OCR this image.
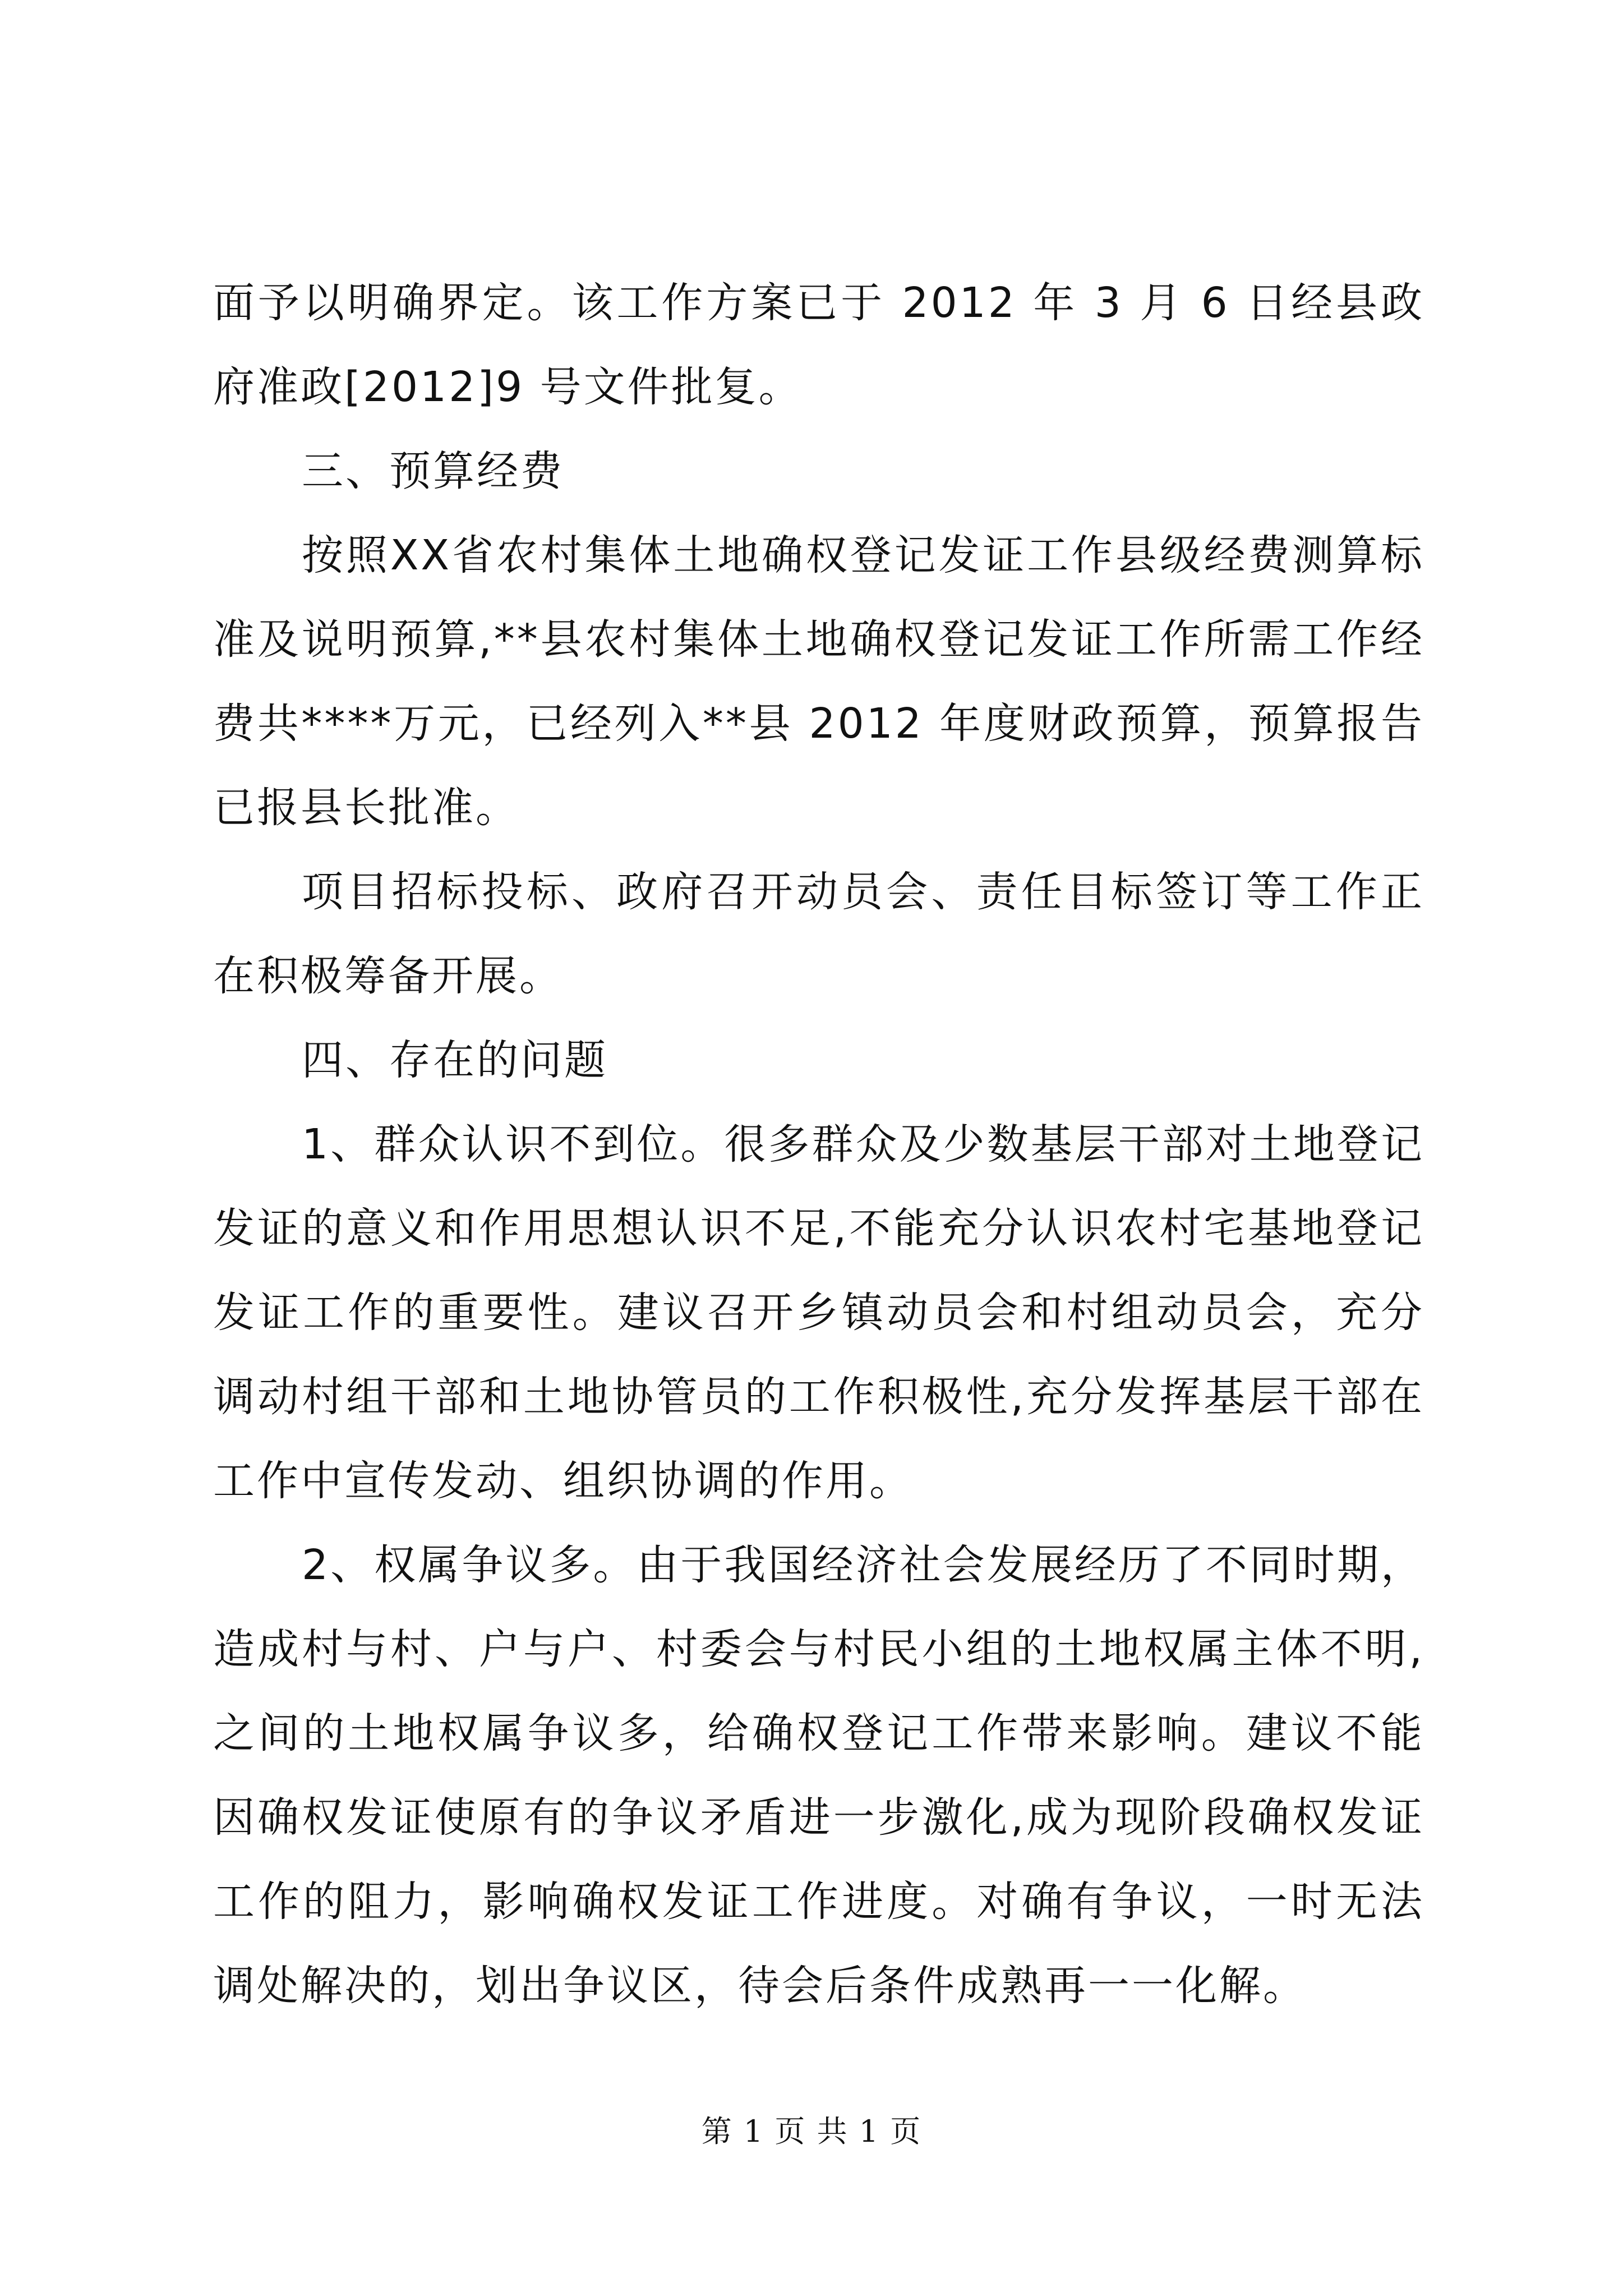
面予以明确界定。该工作方案已于 2012 年 3 月 6 日经县政府准政[2012]9 号文件批复。

三、预算经费

按照XX省农村集体土地确权登记发证工作县级经费测算标准及说明预算,**县农村集体土地确权登记发证工作所需工作经费共****万元，已经列入**县 2012 年度财政预算，预算报告已报县长批准。

项目招标投标、政府召开动员会、责任目标签订等工作正在积极筹备开展。

四、存在的问题

1、群众认识不到位。很多群众及少数基层干部对土地登记发证的意义和作用思想认识不足,不能充分认识农村宅基地登记发证工作的重要性。建议召开乡镇动员会和村组动员会，充分调动村组干部和土地协管员的工作积极性,充分发挥基层干部在工作中宣传发动、组织协调的作用。

2、权属争议多。由于我国经济社会发展经历了不同时期，造成村与村、户与户、村委会与村民小组的土地权属主体不明,之间的土地权属争议多，给确权登记工作带来影响。建议不能因确权发证使原有的争议矛盾进一步激化,成为现阶段确权发证工作的阻力，影响确权发证工作进度。对确有争议，一时无法调处解决的，划出争议区，待会后条件成熟再一一化解。

第 1 页 共 1 页
